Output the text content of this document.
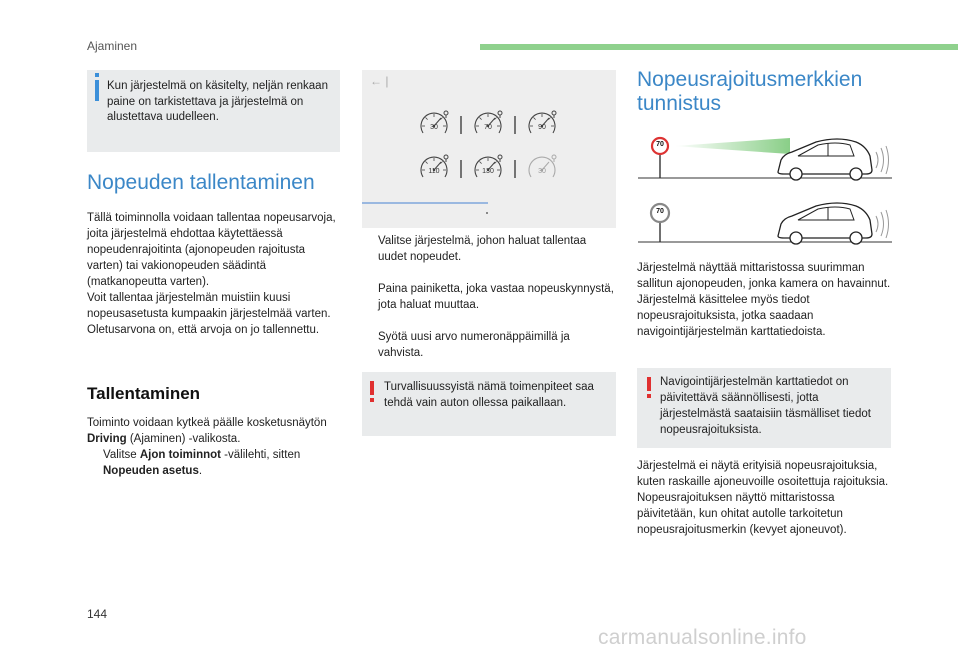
Ajaminen

Kun järjestelmä on käsitelty, neljän renkaan paine on tarkistettava ja järjestelmä on alustettava uudelleen.

Nopeuden tallentaminen
Tällä toiminnolla voidaan tallentaa nopeusarvoja, joita järjestelmä ehdottaa käytettäessä nopeudenrajoitinta (ajonopeuden rajoitusta varten) tai vakionopeuden säädintä (matkanopeutta varten).
Voit tallentaa järjestelmän muistiin kuusi nopeusasetusta kumpaakin järjestelmää varten. Oletusarvona on, että arvoja on jo tallennettu.
Tallentaminen
Toiminto voidaan kytkeä päälle kosketusnäytön Driving (Ajaminen) -valikosta.
Valitse Ajon toiminnot -välilehti, sitten Nopeuden asetus.
← |
30	70	90
110	130	30
Valitse järjestelmä, johon haluat tallentaa uudet nopeudet.
Paina painiketta, joka vastaa nopeuskynnystä, jota haluat muuttaa.
Syötä uusi arvo numeronäppäimillä ja vahvista.
Turvallisuussyistä nämä toimenpiteet saa tehdä vain auton ollessa paikallaan.
Nopeusrajoitusmerkkien tunnistus
70
70
Järjestelmä näyttää mittaristossa suurimman sallitun ajonopeuden, jonka kamera on havainnut.
Järjestelmä käsittelee myös tiedot nopeusrajoituksista, jotka saadaan navigointijärjestelmän karttatiedoista.
Navigointijärjestelmän karttatiedot on päivitettävä säännöllisesti, jotta järjestelmästä saataisiin täsmälliset tiedot nopeusrajoituksista.
Järjestelmä ei näytä erityisiä nopeusrajoituksia, kuten raskaille ajoneuvoille osoitettuja rajoituksia.
Nopeusrajoituksen näyttö mittaristossa päivitetään, kun ohitat autolle tarkoitetun nopeusrajoitusmerkin (kevyet ajoneuvot).
144
carmanualsonline.info
